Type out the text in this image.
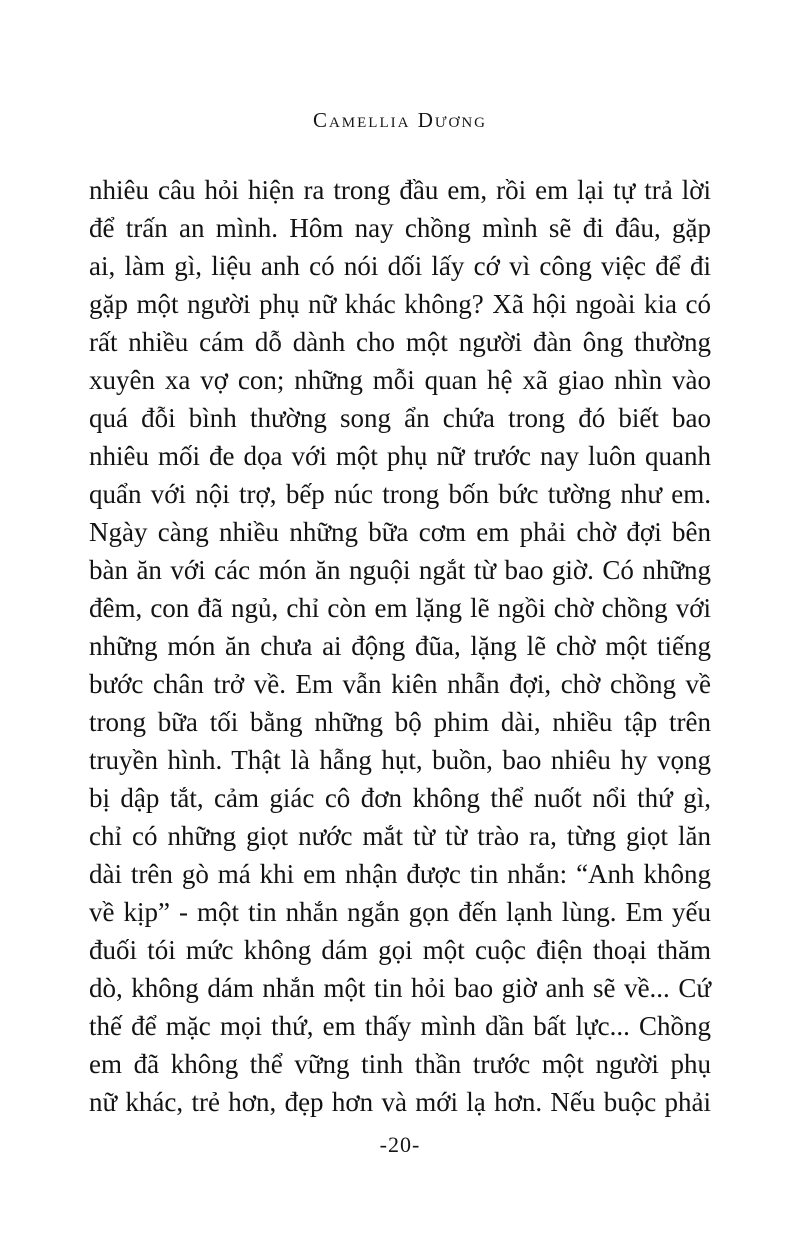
Camellia Dương
nhiêu câu hỏi hiện ra trong đầu em, rồi em lại tự trả lời
để trấn an mình. Hôm nay chồng mình sẽ đi đâu, gặp
ai, làm gì, liệu anh có nói dối lấy cớ vì công việc để đi
gặp một người phụ nữ khác không? Xã hội ngoài kia có
rất nhiều cám dỗ dành cho một người đàn ông thường
xuyên xa vợ con; những mỗi quan hệ xã giao nhìn vào
quá đỗi bình thường song ẩn chứa trong đó biết bao
nhiêu mối đe dọa với một phụ nữ trước nay luôn quanh
quẩn với nội trợ, bếp núc trong bốn bức tường như em.
Ngày càng nhiều những bữa cơm em phải chờ đợi bên
bàn ăn với các món ăn nguội ngắt từ bao giờ. Có những
đêm, con đã ngủ, chỉ còn em lặng lẽ ngồi chờ chồng với
những món ăn chưa ai động đũa, lặng lẽ chờ một tiếng
bước chân trở về. Em vẫn kiên nhẫn đợi, chờ chồng về
trong bữa tối bằng những bộ phim dài, nhiều tập trên
truyền hình. Thật là hẫng hụt, buồn, bao nhiêu hy vọng
bị dập tắt, cảm giác cô đơn không thể nuốt nổi thứ gì,
chỉ có những giọt nước mắt từ từ trào ra, từng giọt lăn
dài trên gò má khi em nhận được tin nhắn: “Anh không
về kịp” - một tin nhắn ngắn gọn đến lạnh lùng. Em yếu
đuối tói mức không dám gọi một cuộc điện thoại thăm
dò, không dám nhắn một tin hỏi bao giờ anh sẽ về... Cứ
thế để mặc mọi thứ, em thấy mình dần bất lực... Chồng
em đã không thể vững tinh thần trước một người phụ
nữ khác, trẻ hơn, đẹp hơn và mới lạ hơn. Nếu buộc phải
-20-
